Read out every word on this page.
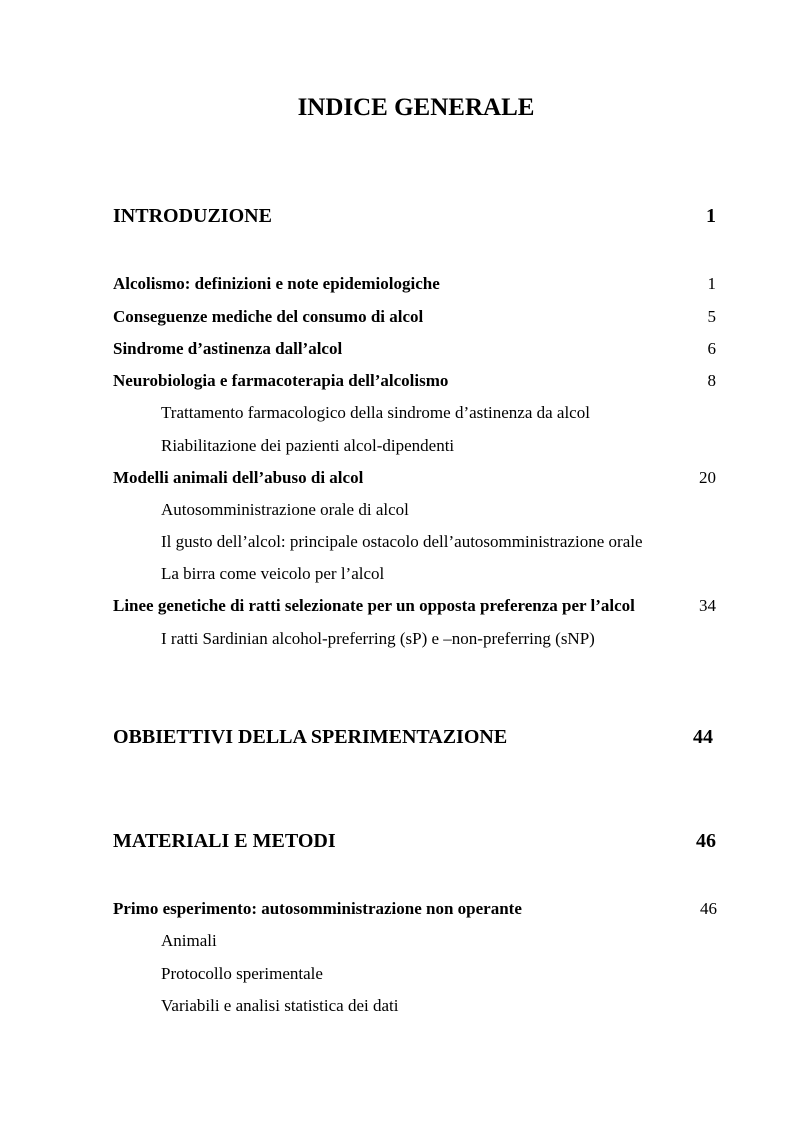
INDICE GENERALE
INTRODUZIONE	1
Alcolismo: definizioni e note epidemiologiche	1
Conseguenze mediche del consumo di alcol	5
Sindrome d’astinenza dall’alcol	6
Neurobiologia e farmacoterapia dell’alcolismo	8
Trattamento farmacologico della sindrome d’astinenza da alcol
Riabilitazione dei pazienti alcol-dipendenti
Modelli animali dell’abuso di alcol	20
Autosomministrazione orale di alcol
Il gusto dell’alcol: principale ostacolo dell’autosomministrazione orale
La birra come veicolo per l’alcol
Linee genetiche di ratti selezionate per un opposta preferenza per l’alcol	34
I ratti Sardinian alcohol-preferring (sP) e –non-preferring (sNP)
OBBIETTIVI DELLA SPERIMENTAZIONE	44
MATERIALI E METODI	46
Primo esperimento: autosomministrazione non operante	46
Animali
Protocollo sperimentale
Variabili e analisi statistica dei dati
